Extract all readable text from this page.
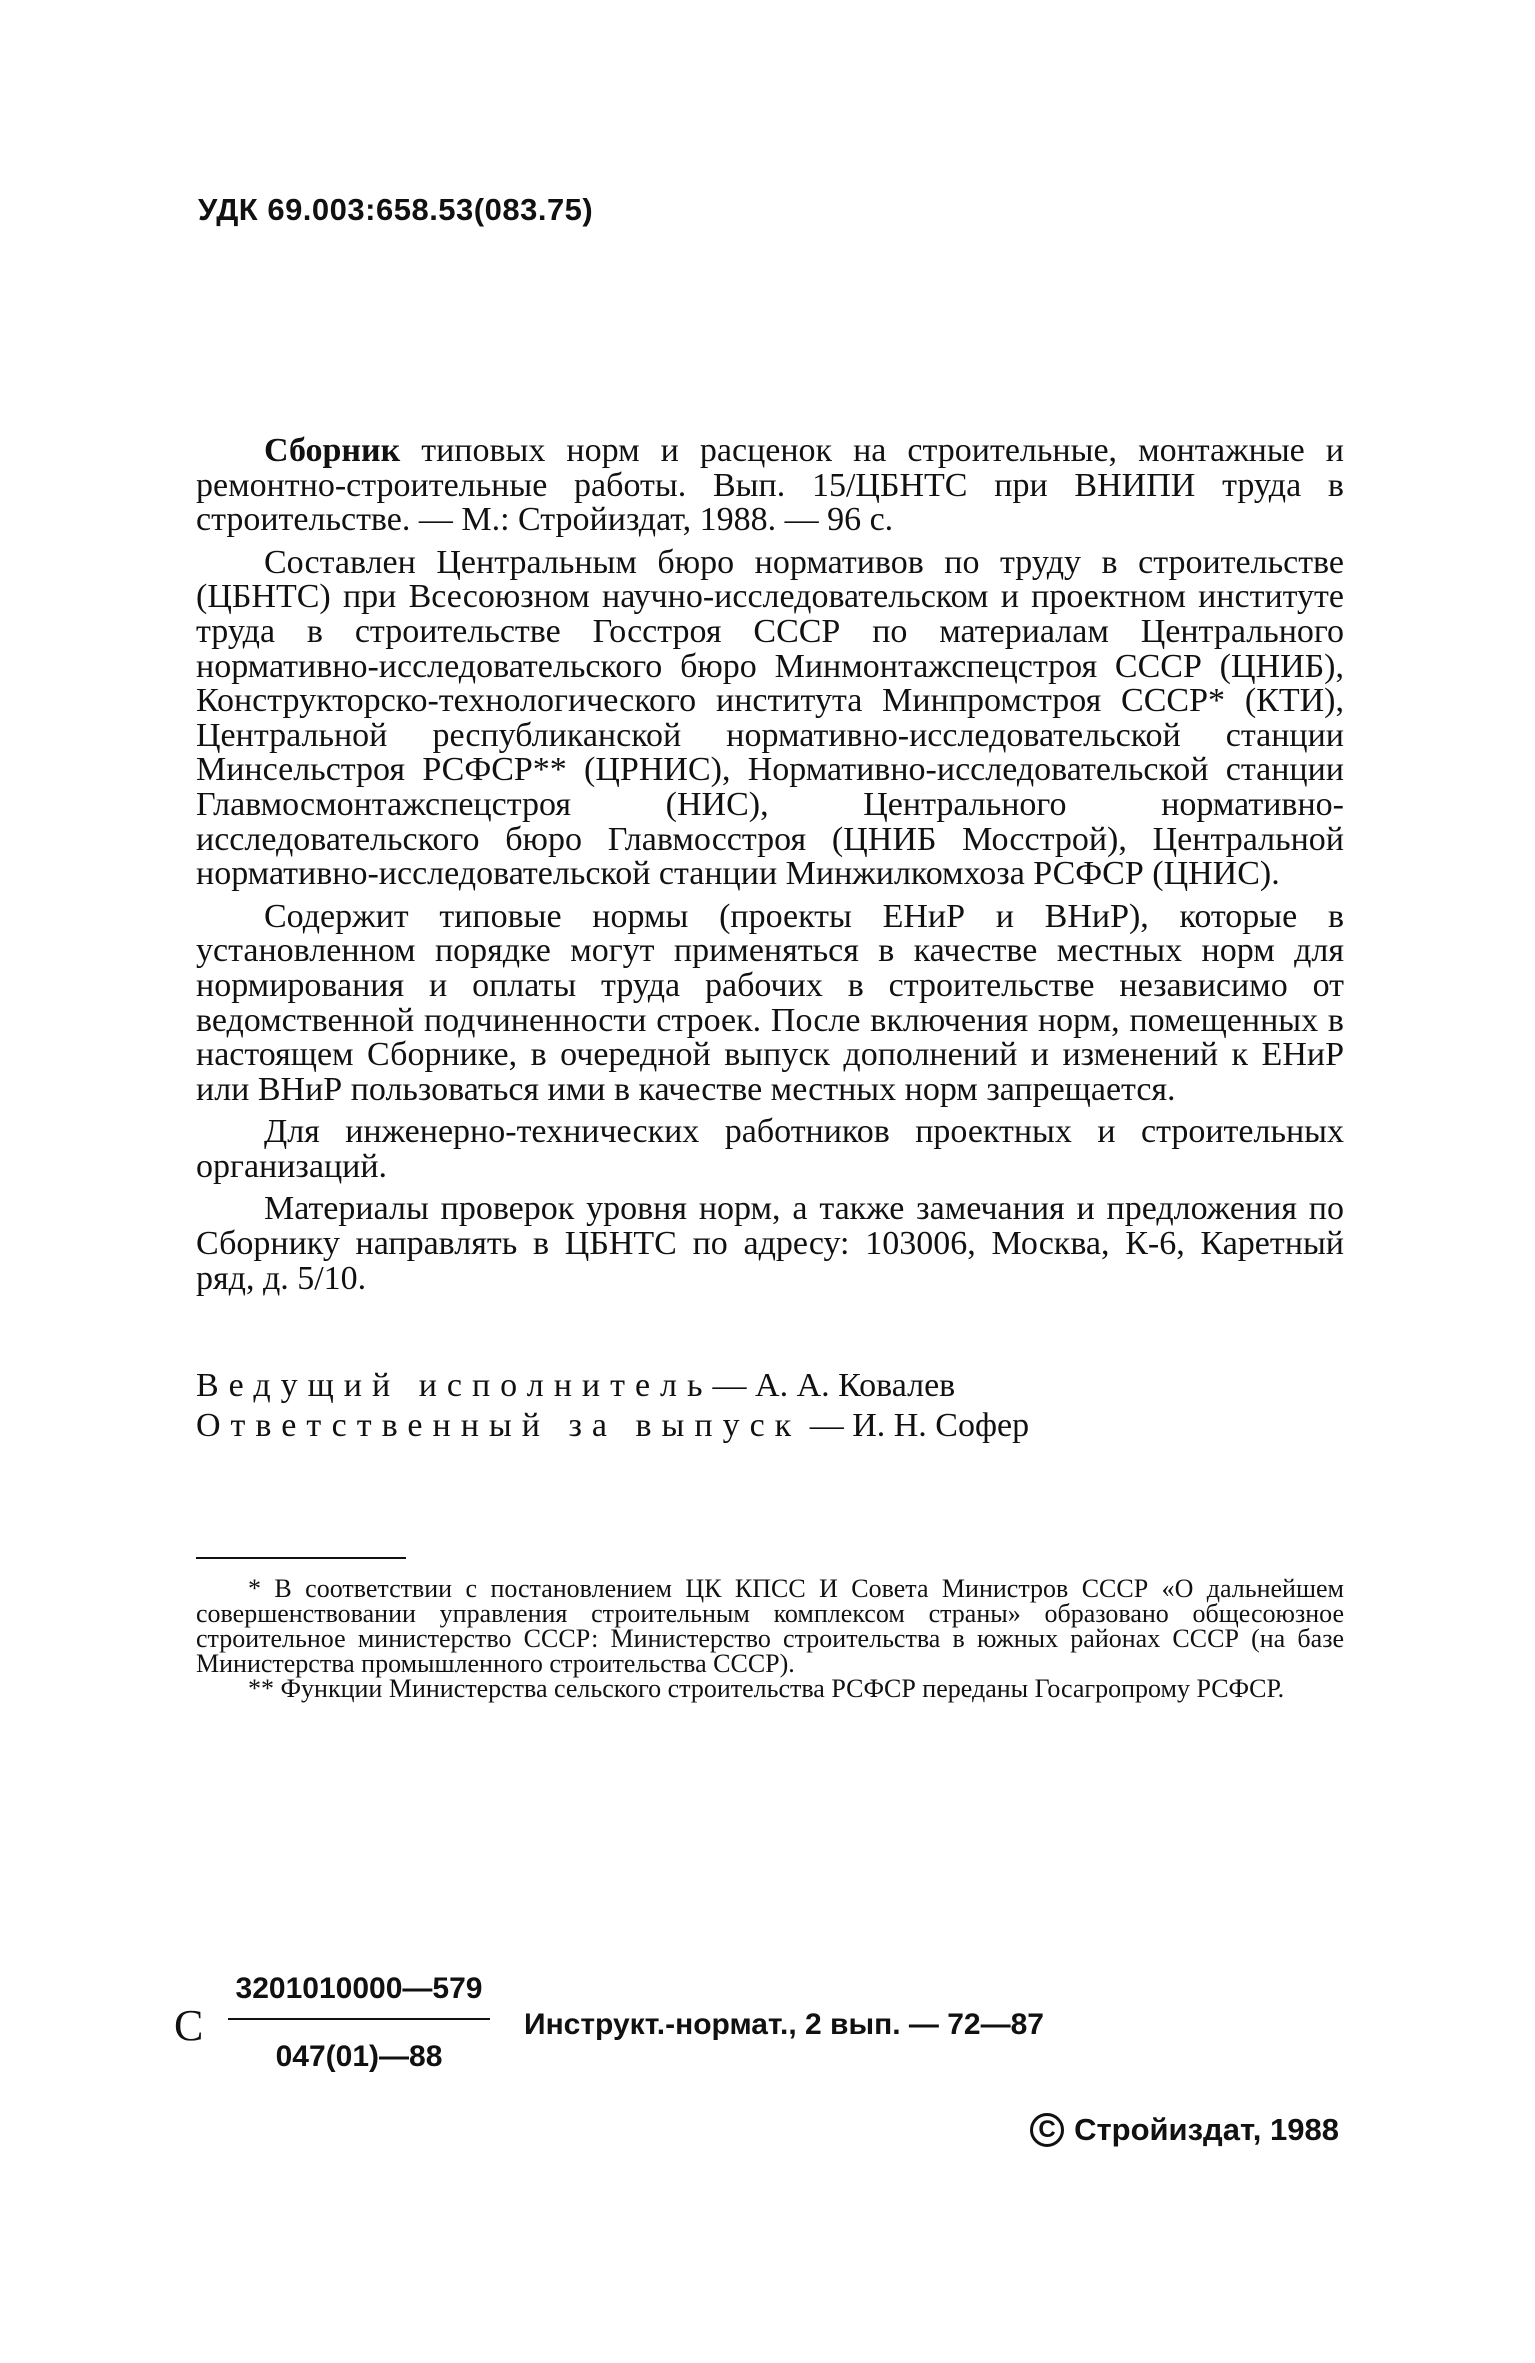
УДК 69.003:658.53(083.75)

Сборник типовых норм и расценок на строительные, монтажные и ремонтно-строительные работы. Вып. 15/ЦБНТС при ВНИПИ труда в строительстве. — М.: Стройиздат, 1988. — 96 с.

Составлен Центральным бюро нормативов по труду в строительстве (ЦБНТС) при Всесоюзном научно-исследовательском и проектном институте труда в строительстве Госстроя СССР по материалам Центрального нормативно-исследовательского бюро Минмонтажспецстроя СССР (ЦНИБ), Конструкторско-технологического института Минпромстроя СССР* (КТИ), Центральной республиканской нормативно-исследовательской станции Минсельстроя РСФСР** (ЦРНИС), Нормативно-исследовательской станции Главмосмонтажспецстроя (НИС), Центрального нормативно-исследовательского бюро Главмосстроя (ЦНИБ Мосстрой), Центральной нормативно-исследовательской станции Минжилкомхоза РСФСР (ЦНИС).

Содержит типовые нормы (проекты ЕНиР и ВНиР), которые в установленном порядке могут применяться в качестве местных норм для нормирования и оплаты труда рабочих в строительстве независимо от ведомственной подчиненности строек. После включения норм, помещенных в настоящем Сборнике, в очередной выпуск дополнений и изменений к ЕНиР или ВНиР пользоваться ими в качестве местных норм запрещается.

Для инженерно-технических работников проектных и строительных организаций.

Материалы проверок уровня норм, а также замечания и предложения по Сборнику направлять в ЦБНТС по адресу: 103006, Москва, К-6, Каретный ряд, д. 5/10.

Ведущий исполнитель— А. А. Ковалев
Ответственный за выпуск — И. Н. Софер

* В соответствии с постановлением ЦК КПСС И Совета Министров СССР «О дальнейшем совершенствовании управления строительным комплексом страны» образовано общесоюзное строительное министерство СССР: Министерство строительства в южных районах СССР (на базе Министерства промышленного строительства СССР).

** Функции Министерства сельского строительства РСФСР переданы Госагропрому РСФСР.

С
3201010000—579
047(01)—88
Инструкт.-нормат., 2 вып. — 72—87
С Стройиздат, 1988
